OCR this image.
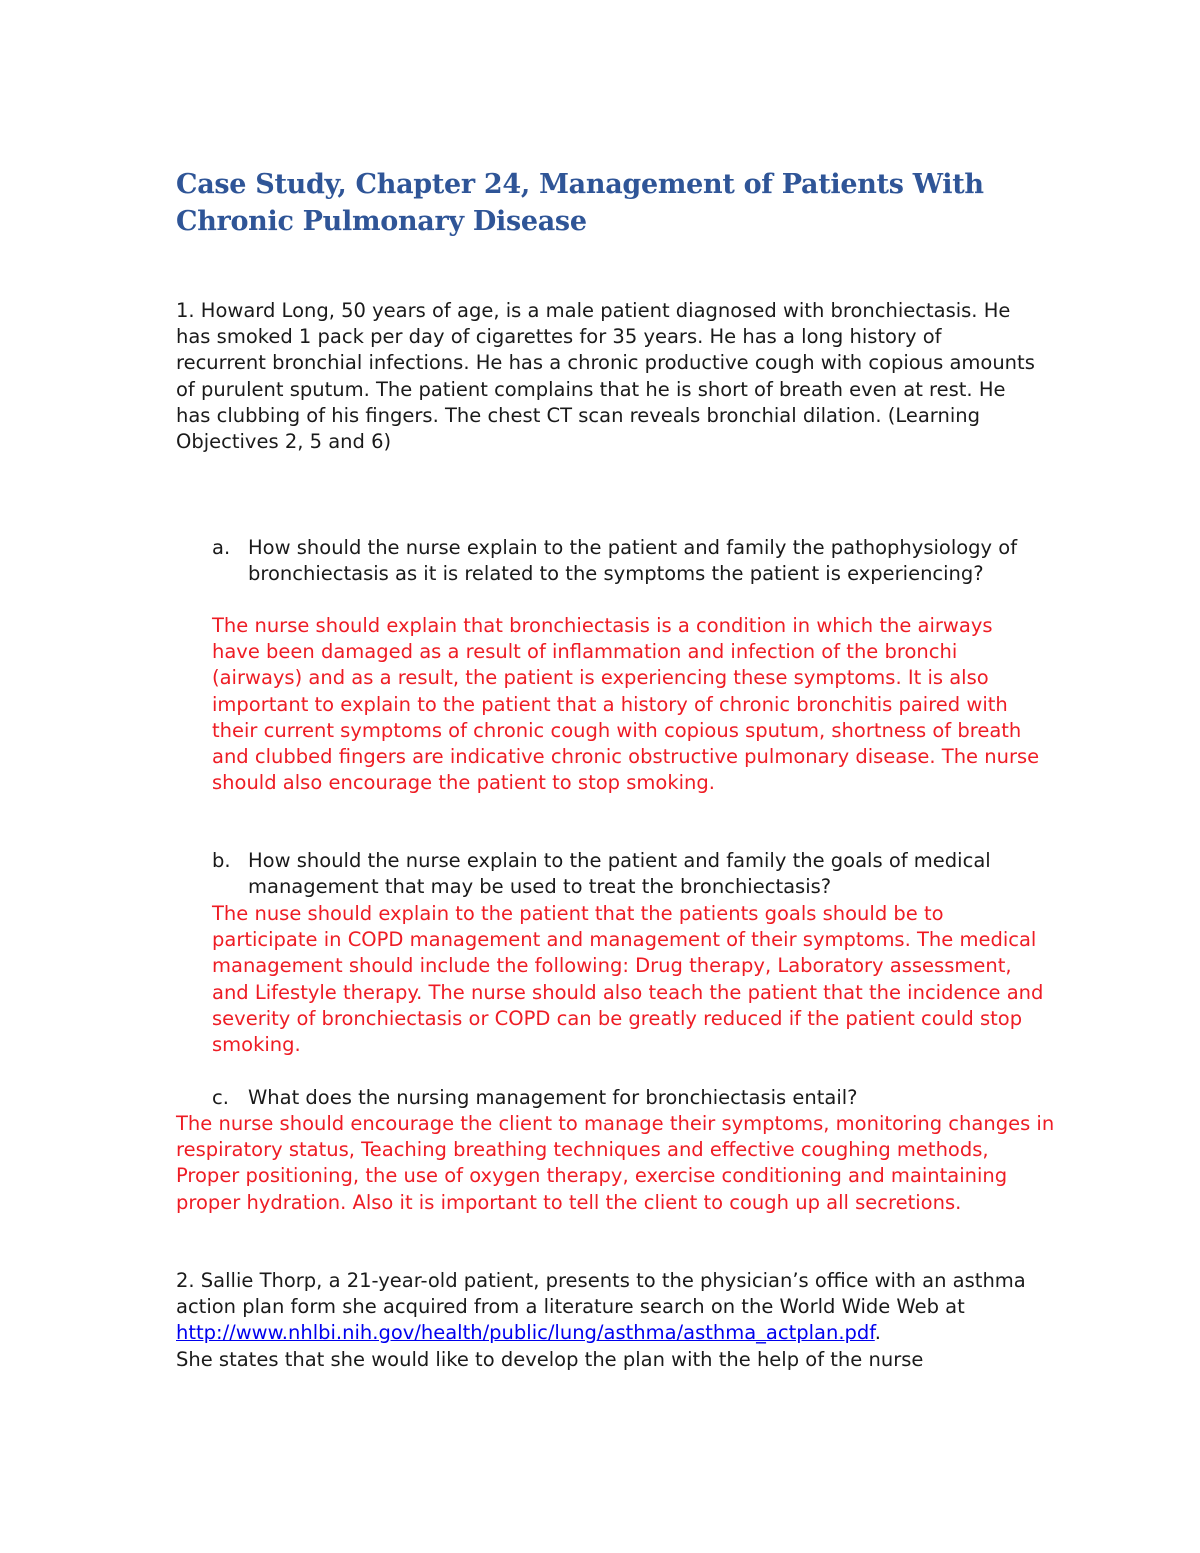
Case Study, Chapter 24, Management of Patients With Chronic Pulmonary Disease

1. Howard Long, 50 years of age, is a male patient diagnosed with bronchiectasis. He has smoked 1 pack per day of cigarettes for 35 years. He has a long history of recurrent bronchial infections. He has a chronic productive cough with copious amounts of purulent sputum. The patient complains that he is short of breath even at rest. He has clubbing of his fingers. The chest CT scan reveals bronchial dilation. (Learning Objectives 2, 5 and 6)

a. How should the nurse explain to the patient and family the pathophysiology of bronchiectasis as it is related to the symptoms the patient is experiencing?

The nurse should explain that bronchiectasis is a condition in which the airways have been damaged as a result of inflammation and infection of the bronchi (airways) and as a result, the patient is experiencing these symptoms. It is also important to explain to the patient that a history of chronic bronchitis paired with their current symptoms of chronic cough with copious sputum, shortness of breath and clubbed fingers are indicative chronic obstructive pulmonary disease. The nurse should also encourage the patient to stop smoking.

b. How should the nurse explain to the patient and family the goals of medical management that may be used to treat the bronchiectasis?

The nuse should explain to the patient that the patients goals should be to participate in COPD management and management of their symptoms. The medical management should include the following: Drug therapy, Laboratory assessment, and Lifestyle therapy. The nurse should also teach the patient that the incidence and severity of bronchiectasis or COPD can be greatly reduced if the patient could stop smoking.

c. What does the nursing management for bronchiectasis entail?

The nurse should encourage the client to manage their symptoms, monitoring changes in respiratory status, Teaching breathing techniques and effective coughing methods, Proper positioning, the use of oxygen therapy, exercise conditioning and maintaining proper hydration. Also it is important to tell the client to cough up all secretions.

2. Sallie Thorp, a 21-year-old patient, presents to the physician’s office with an asthma action plan form she acquired from a literature search on the World Wide Web at
http://www.nhlbi.nih.gov/health/public/lung/asthma/asthma_actplan.pdf.
She states that she would like to develop the plan with the help of the nurse
